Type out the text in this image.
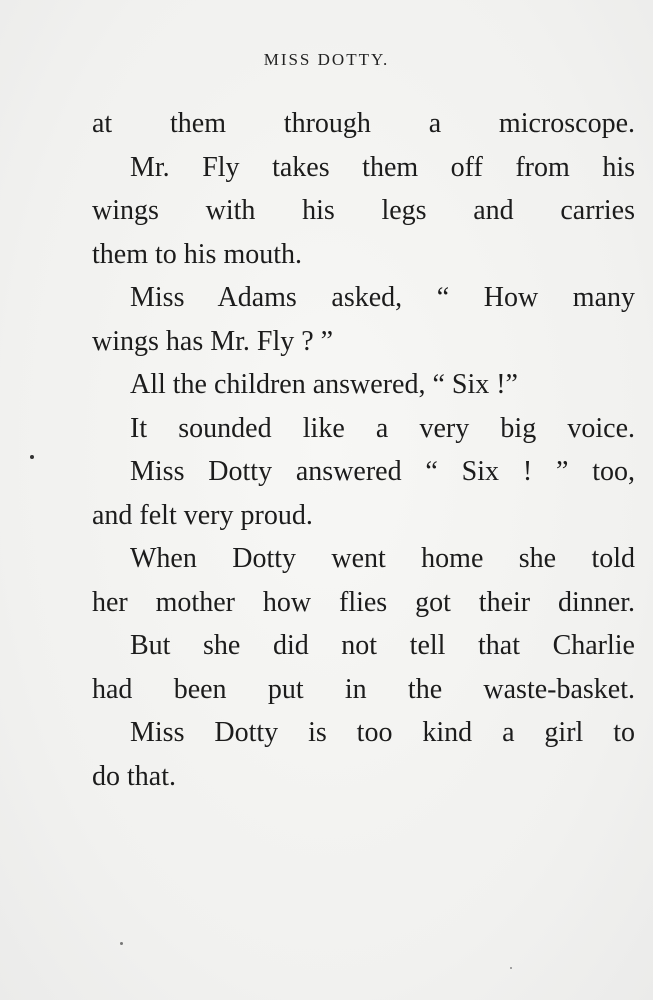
MISS DOTTY.
at them through a microscope.
Mr. Fly takes them off from his
wings with his legs and carries
them to his mouth.
Miss Adams asked, “ How many
wings has Mr. Fly ? ”
All the children answered, “ Six !”
It sounded like a very big voice.
Miss Dotty answered “ Six ! ” too,
and felt very proud.
When Dotty went home she told
her mother how flies got their dinner.
But she did not tell that Charlie
had been put in the waste-basket.
Miss Dotty is too kind a girl to
do that.
